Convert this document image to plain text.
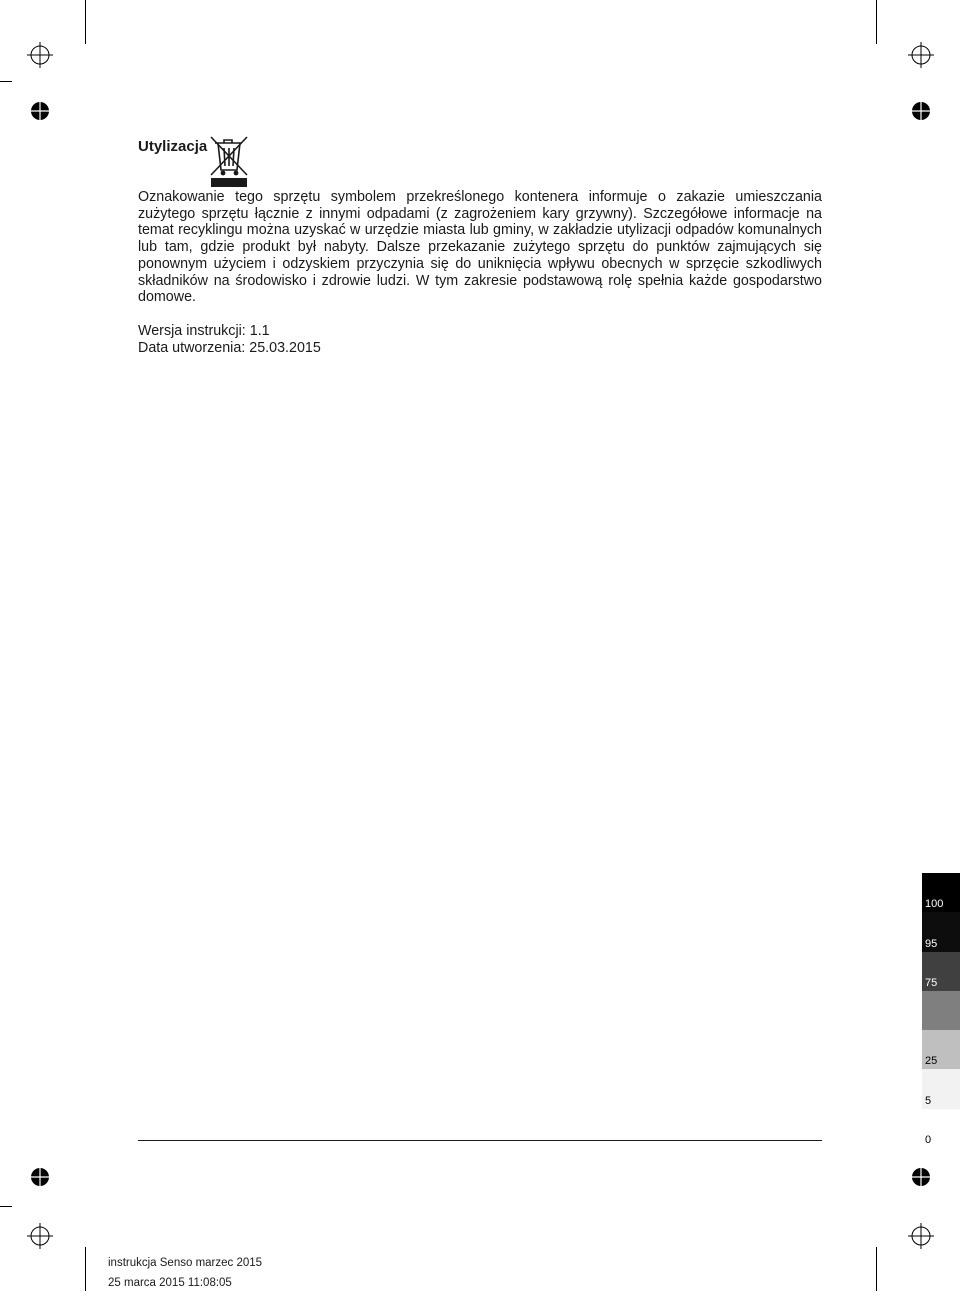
Utylizacja

Oznakowanie tego sprzętu symbolem przekreślonego kontenera informuje o zakazie umieszczania zużytego sprzętu łącznie z innymi odpadami (z zagrożeniem kary grzywny). Szczegółowe informacje na temat recyklingu można uzyskać w urzędzie miasta lub gminy, w zakładzie utylizacji odpadów komunalnych lub tam, gdzie produkt był nabyty. Dalsze przekazanie zużytego sprzętu do punktów zajmujących się ponownym użyciem i odzyskiem przyczynia się do uniknięcia wpływu obecnych w sprzęcie szkodliwych składników na środowisko i zdrowie ludzi. W tym zakresie podstawową rolę spełnia każde gospodarstwo domowe.

Wersja instrukcji: 1.1
Data utworzenia: 25.03.2015
100
95
75
25
5
0
instrukcja Senso marzec 2015
25 marca 2015 11:08:05
